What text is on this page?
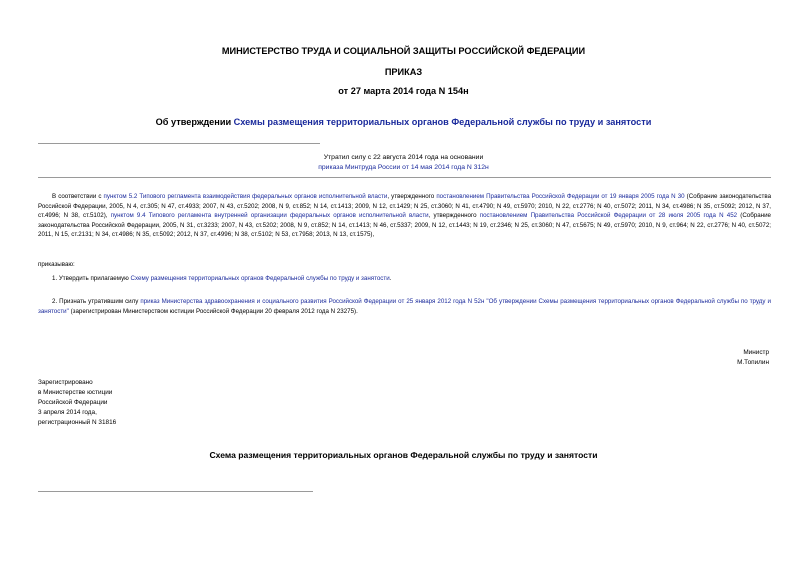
МИНИСТЕРСТВО ТРУДА И СОЦИАЛЬНОЙ ЗАЩИТЫ РОССИЙСКОЙ ФЕДЕРАЦИИ
ПРИКАЗ
от 27 марта 2014 года N 154н
Об утверждении Схемы размещения территориальных органов Федеральной службы по труду и занятости
Утратил силу с 22 августа 2014 года на основании
приказа Минтруда России от 14 мая 2014 года N 312н
В соответствии с пунктом 5.2 Типового регламента взаимодействия федеральных органов исполнительной власти, утвержденного постановлением Правительства Российской Федерации от 19 января 2005 года N 30 (Собрание законодательства Российской Федерации, 2005, N 4, ст.305; N 47, ст.4933; 2007, N 43, ст.5202; 2008, N 9, ст.852; N 14, ст.1413; 2009, N 12, ст.1429; N 25, ст.3060; N 41, ст.4790; N 49, ст.5970; 2010, N 22, ст.2776; N 40, ст.5072; 2011, N 34, ст.4986; N 35, ст.5092; 2012, N 37, ст.4996; N 38, ст.5102), пунктом 9.4 Типового регламента внутренней организации федеральных органов исполнительной власти, утвержденного постановлением Правительства Российской Федерации от 28 июля 2005 года N 452 (Собрание законодательства Российской Федерации, 2005, N 31, ст.3233; 2007, N 43, ст.5202; 2008, N 9, ст.852; N 14, ст.1413; N 46, ст.5337; 2009, N 12, ст.1443; N 19, ст.2346; N 25, ст.3060; N 47, ст.5675; N 49, ст.5970; 2010, N 9, ст.964; N 22, ст.2776; N 40, ст.5072; 2011, N 15, ст.2131; N 34, ст.4986; N 35, ст.5092; 2012, N 37, ст.4996; N 38, ст.5102; N 53, ст.7958; 2013, N 13, ст.1575),
приказываю:
1. Утвердить прилагаемую Схему размещения территориальных органов Федеральной службы по труду и занятости.
2. Признать утратившим силу приказ Министерства здравоохранения и социального развития Российской Федерации от 25 января 2012 года N 52н "Об утверждении Схемы размещения территориальных органов Федеральной службы по труду и занятости" (зарегистрирован Министерством юстиции Российской Федерации 20 февраля 2012 года N 23275).
Министр
М.Топилин
Зарегистрировано
в Министерстве юстиции
Российской Федерации
3 апреля 2014 года,
регистрационный N 31816
Схема размещения территориальных органов Федеральной службы по труду и занятости
